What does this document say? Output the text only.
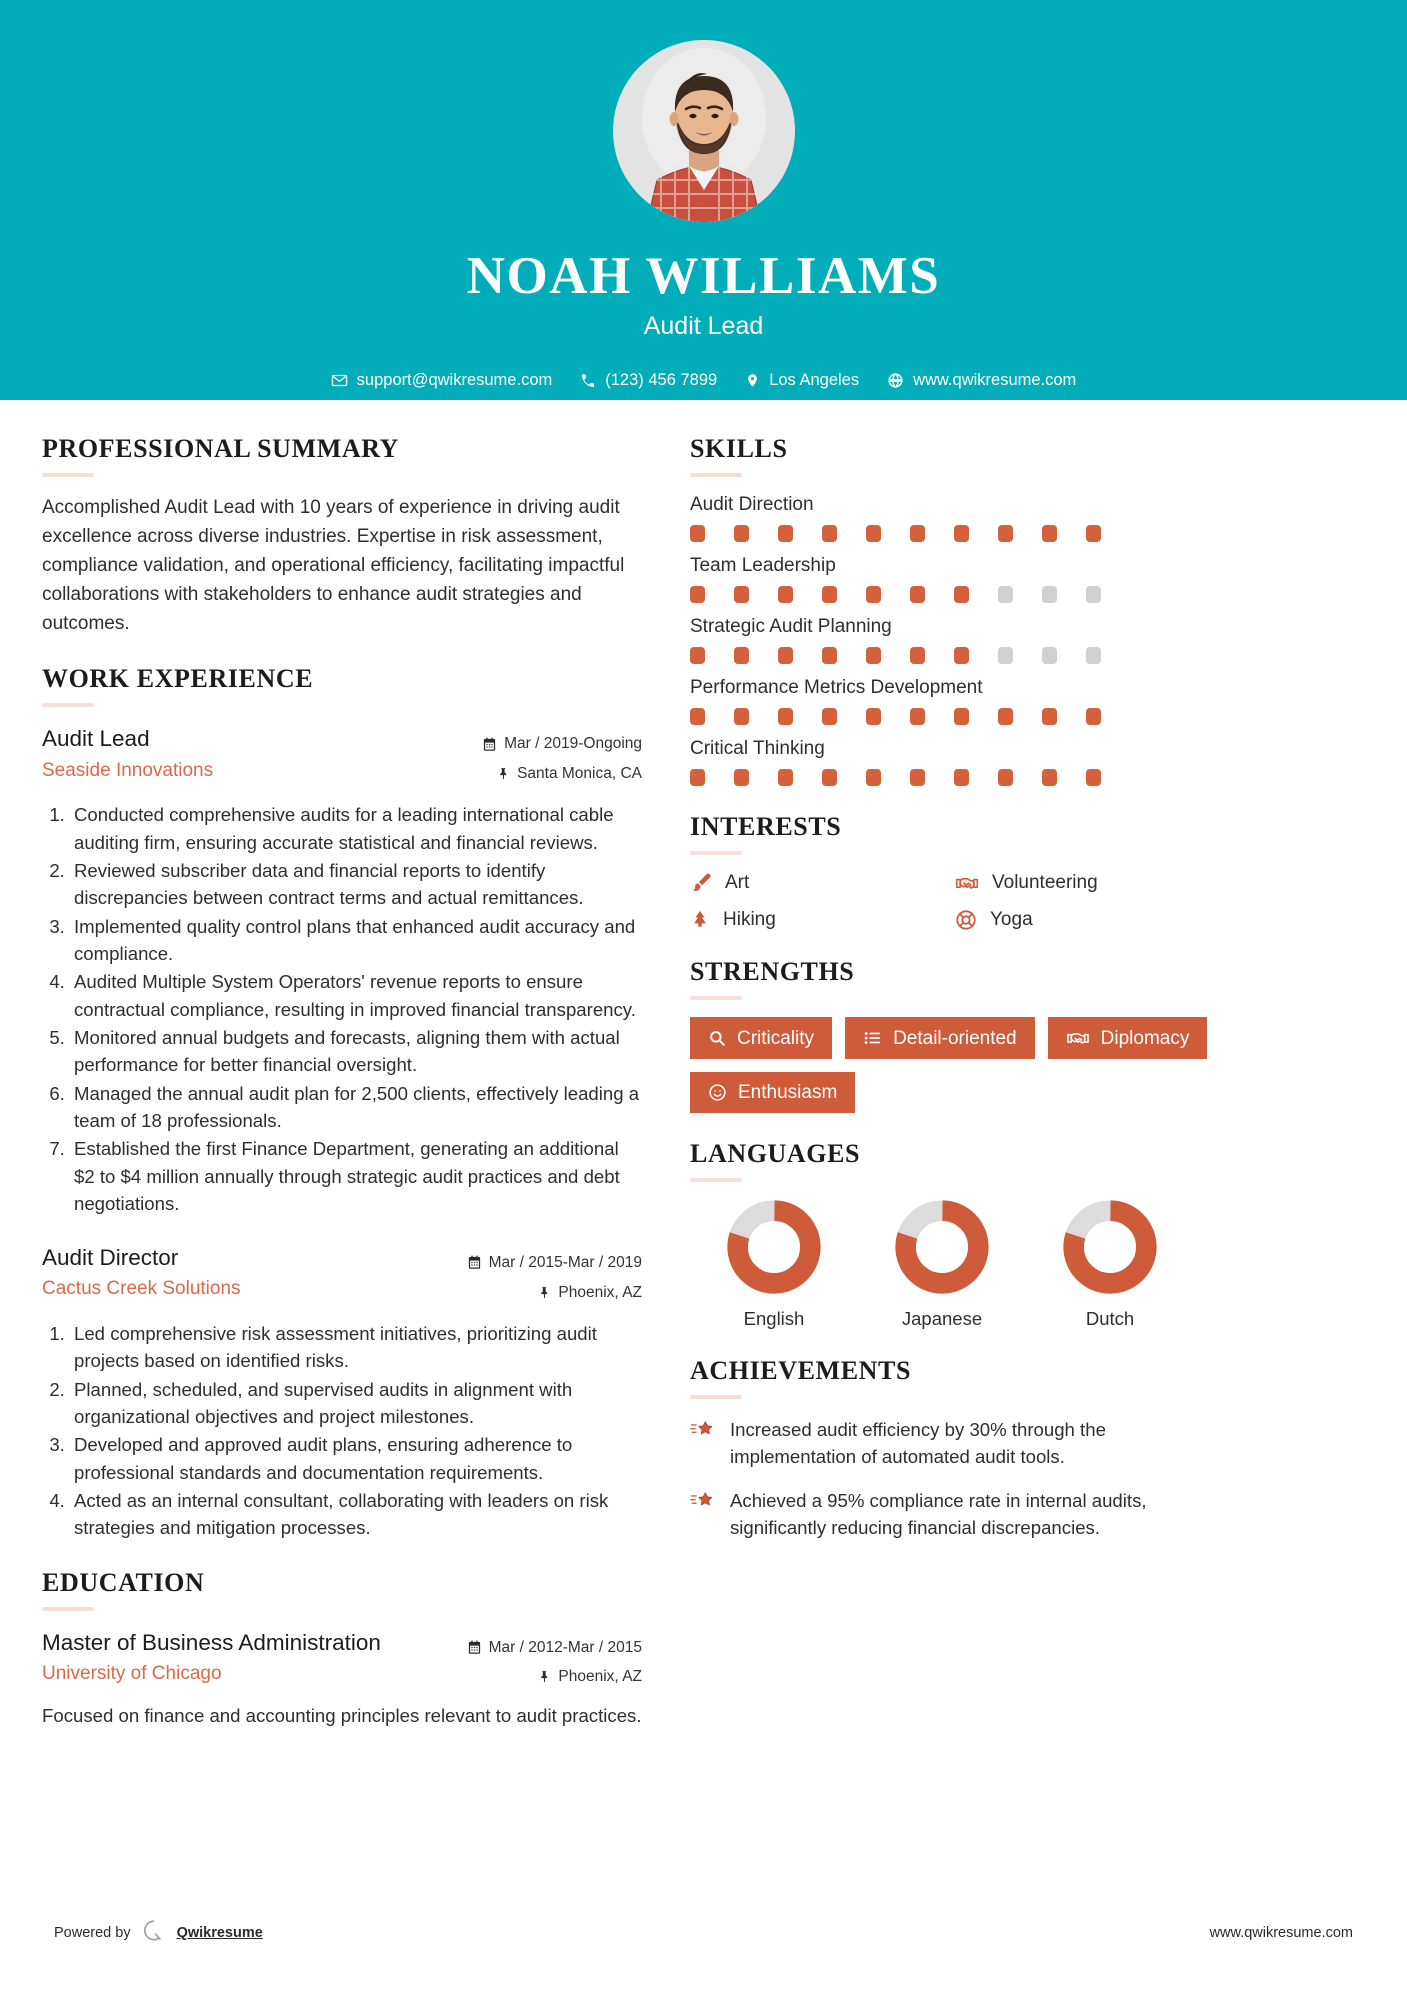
NOAH WILLIAMS
Audit Lead
support@qwikresume.com	(123) 456 7899	Los Angeles	www.qwikresume.com
PROFESSIONAL SUMMARY
Accomplished Audit Lead with 10 years of experience in driving audit excellence across diverse industries. Expertise in risk assessment, compliance validation, and operational efficiency, facilitating impactful collaborations with stakeholders to enhance audit strategies and outcomes.
WORK EXPERIENCE
Audit Lead
Seaside Innovations
Mar / 2019-Ongoing
Santa Monica, CA
1. Conducted comprehensive audits for a leading international cable auditing firm, ensuring accurate statistical and financial reviews.
2. Reviewed subscriber data and financial reports to identify discrepancies between contract terms and actual remittances.
3. Implemented quality control plans that enhanced audit accuracy and compliance.
4. Audited Multiple System Operators' revenue reports to ensure contractual compliance, resulting in improved financial transparency.
5. Monitored annual budgets and forecasts, aligning them with actual performance for better financial oversight.
6. Managed the annual audit plan for 2,500 clients, effectively leading a team of 18 professionals.
7. Established the first Finance Department, generating an additional $2 to $4 million annually through strategic audit practices and debt negotiations.
Audit Director
Cactus Creek Solutions
Mar / 2015-Mar / 2019
Phoenix, AZ
1. Led comprehensive risk assessment initiatives, prioritizing audit projects based on identified risks.
2. Planned, scheduled, and supervised audits in alignment with organizational objectives and project milestones.
3. Developed and approved audit plans, ensuring adherence to professional standards and documentation requirements.
4. Acted as an internal consultant, collaborating with leaders on risk strategies and mitigation processes.
EDUCATION
Master of Business Administration
University of Chicago
Mar / 2012-Mar / 2015
Phoenix, AZ
Focused on finance and accounting principles relevant to audit practices.
SKILLS
Audit Direction
Team Leadership
Strategic Audit Planning
Performance Metrics Development
Critical Thinking
INTERESTS
Art	Volunteering
Hiking	Yoga
STRENGTHS
Criticality	Detail-oriented	Diplomacy
Enthusiasm
LANGUAGES
English	Japanese	Dutch
ACHIEVEMENTS
Increased audit efficiency by 30% through the implementation of automated audit tools.
Achieved a 95% compliance rate in internal audits, significantly reducing financial discrepancies.
Powered by	Qwikresume	www.qwikresume.com
